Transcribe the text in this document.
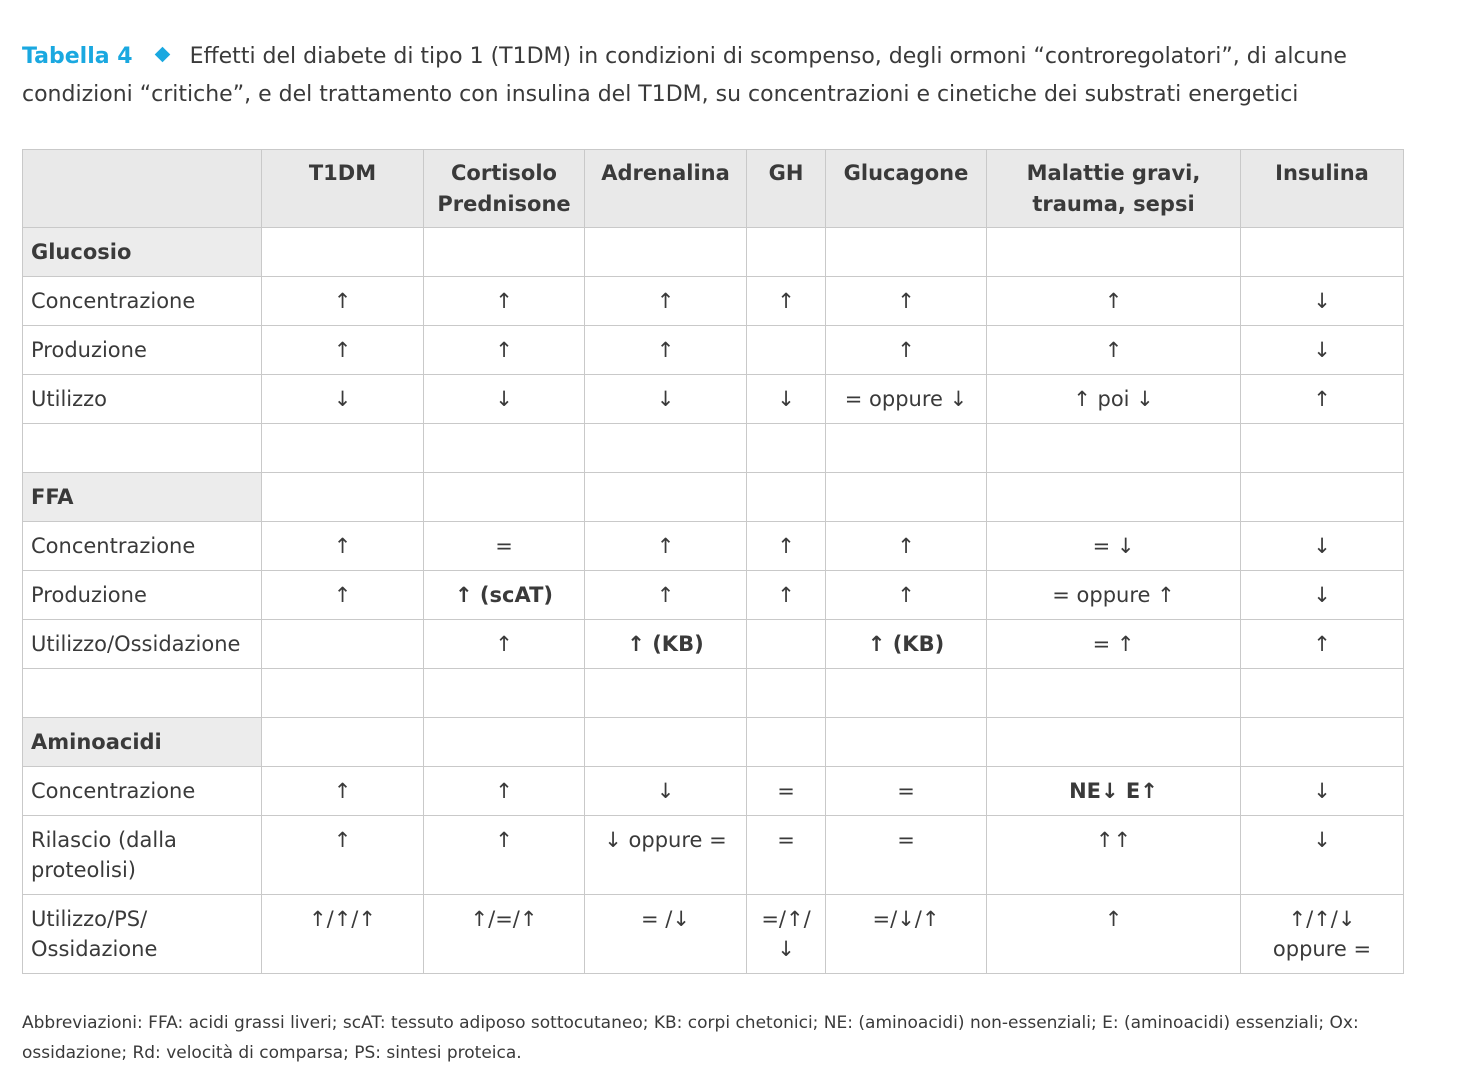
Tabella 4	Effetti del diabete di tipo 1 (T1DM) in condizioni di scompenso, degli ormoni “controregolatori”, di alcune condizioni “critiche”, e del trattamento con insulina del T1DM, su concentrazioni e cinetiche dei substrati energetici
	T1DM	Cortisolo Prednisone	Adrenalina	GH	Glucagone	Malattie gravi, trauma, sepsi	Insulina
Glucosio							
Concentrazione	↑	↑	↑	↑	↑	↑	↓
Produzione	↑	↑	↑		↑	↑	↓
Utilizzo	↓	↓	↓	↓	= oppure ↓	↑ poi ↓	↑

FFA							
Concentrazione	↑	=	↑	↑	↑	= ↓	↓
Produzione	↑	↑ (scAT)	↑	↑	↑	= oppure ↑	↓
Utilizzo/Ossidazione		↑	↑ (KB)		↑ (KB)	= ↑	↑

Aminoacidi							
Concentrazione	↑	↑	↓	=	=	NE↓ E↑	↓
Rilascio (dalla proteolisi)	↑	↑	↓ oppure =	=	=	↑↑	↓
Utilizzo/PS/ Ossidazione	↑/↑/↑	↑/=/↑	= /↓	=/↑/↓	=/↓/↑	↑	↑/↑/↓ oppure =
Abbreviazioni: FFA: acidi grassi liveri; scAT: tessuto adiposo sottocutaneo; KB: corpi chetonici; NE: (aminoacidi) non-essenziali; E: (aminoacidi) essenziali; Ox: ossidazione; Rd: velocità di comparsa; PS: sintesi proteica.
